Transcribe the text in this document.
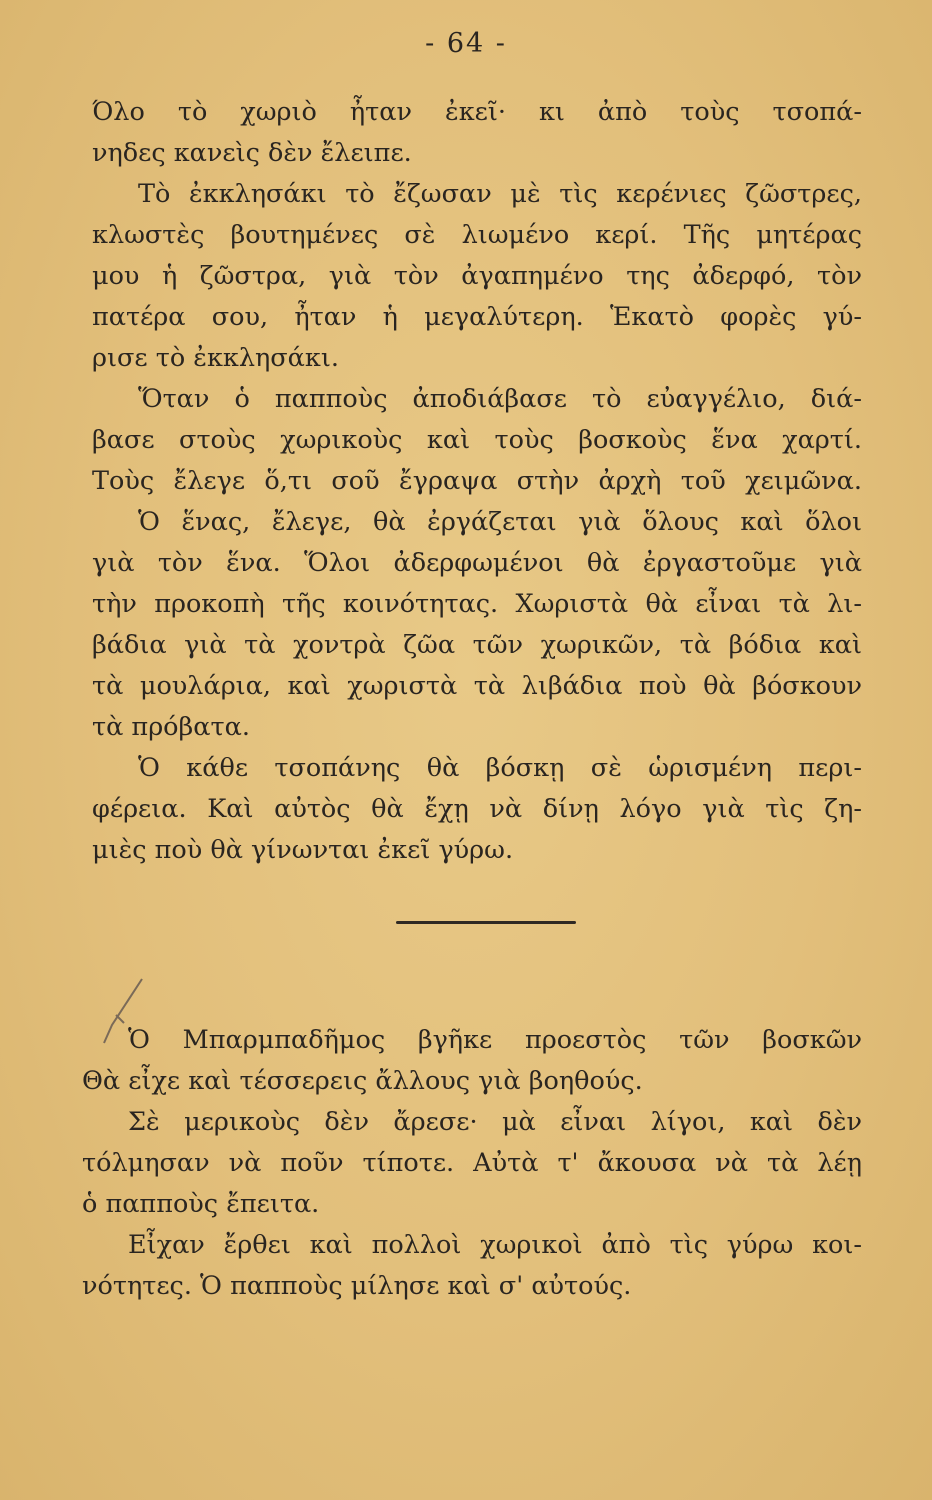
- 64 -
Όλο τὸ χωριὸ ἦταν ἐκεῖ· κι ἀπὸ τοὺς τσοπά-
νηδες κανεὶς δὲν ἔλειπε.
Τὸ ἐκκλησάκι τὸ ἔζωσαν μὲ τὶς κερένιες ζῶστρες,
κλωστὲς βουτημένες σὲ λιωμένο κερί. Τῆς μητέρας
μου ἡ ζῶστρα, γιὰ τὸν ἀγαπημένο της ἀδερφό, τὸν
πατέρα σου, ἦταν ἡ μεγαλύτερη. Ἑκατὸ φορὲς γύ-
ρισε τὸ ἐκκλησάκι.
Ὅταν ὁ παπποὺς ἀποδιάβασε τὸ εὐαγγέλιο, διά-
βασε στοὺς χωρικοὺς καὶ τοὺς βοσκοὺς ἕνα χαρτί.
Τοὺς ἔλεγε ὅ,τι σοῦ ἔγραψα στὴν ἀρχὴ τοῦ χειμῶνα.
Ὁ ἕνας, ἔλεγε, θὰ ἐργάζεται γιὰ ὅλους καὶ ὅλοι
γιὰ τὸν ἕνα. Ὅλοι ἀδερφωμένοι θὰ ἐργαστοῦμε γιὰ
τὴν προκοπὴ τῆς κοινότητας. Χωριστὰ θὰ εἶναι τὰ λι-
βάδια γιὰ τὰ χοντρὰ ζῶα τῶν χωρικῶν, τὰ βόδια καὶ
τὰ μουλάρια, καὶ χωριστὰ τὰ λιβάδια ποὺ θὰ βόσκουν
τὰ πρόβατα.
Ὁ κάθε τσοπάνης θὰ βόσκῃ σὲ ὡρισμένη περι-
φέρεια. Καὶ αὐτὸς θὰ ἔχῃ νὰ δίνῃ λόγο γιὰ τὶς ζη-
μιὲς ποὺ θὰ γίνωνται ἐκεῖ γύρω.
Ὁ Μπαρμπαδῆμος βγῆκε προεστὸς τῶν βοσκῶν
Θὰ εἶχε καὶ τέσσερεις ἄλλους γιὰ βοηθούς.
Σὲ μερικοὺς δὲν ἄρεσε· μὰ εἶναι λίγοι, καὶ δὲν
τόλμησαν νὰ ποῦν τίποτε. Αὐτὰ τ' ἄκουσα νὰ τὰ λέῃ
ὁ παπποὺς ἔπειτα.
Εἶχαν ἔρθει καὶ πολλοὶ χωρικοὶ ἀπὸ τὶς γύρω κοι-
νότητες. Ὁ παπποὺς μίλησε καὶ σ' αὐτούς.
